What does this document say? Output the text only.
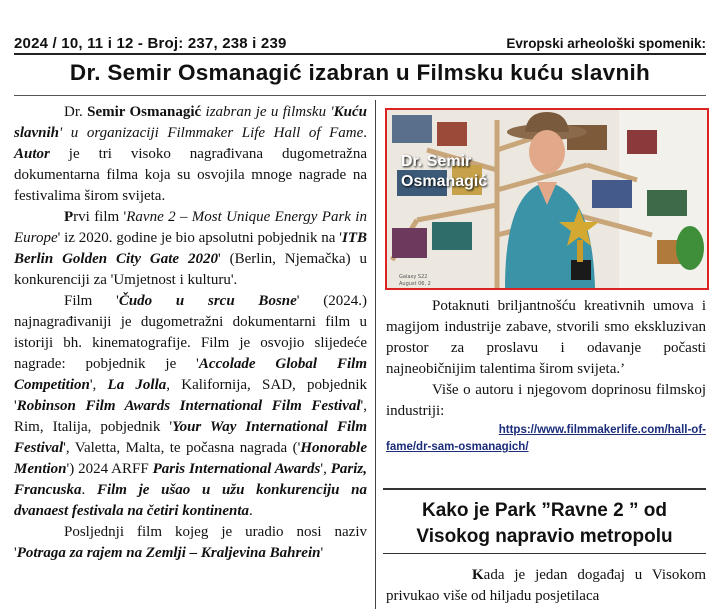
2024 / 10, 11 i 12 - Broj: 237, 238 i 239	Evropski arheološki spomenik:
Dr. Semir Osmanagić izabran u Filmsku kuću slavnih

Dr. Semir Osmanagić izabran je u filmsku 'Kuću slavnih' u organizaciji Filmmaker Life Hall of Fame. Autor je tri visoko nagrađivana dugometražna dokumentarna filma koja su osvojila mnoge nagrade na festivalima širom svijeta.

Prvi film 'Ravne 2 – Most Unique Energy Park in Europe' iz 2020. godine je bio apsolutni pobjednik na 'ITB Berlin Golden City Gate 2020' (Berlin, Njemačka) u konkurenciji za 'Umjetnost i kulturu'.

Film 'Čudo u srcu Bosne' (2024.) najnagrađivaniji je dugometražni dokumentarni film u istoriji bh. kinematografije. Film je osvojio slijedeće nagrade: pobjednik je 'Accolade Global Film Competition', La Jolla, Kalifornija, SAD, pobjednik 'Robinson Film Awards International Film Festival', Rim, Italija, pobjednik 'Your Way International Film Festival', Valetta, Malta, te počasna nagrada ('Honorable Mention') 2024 ARFF Paris International Awards', Pariz, Francuska. Film je ušao u užu konkurenciju na dvanaest festivala na četiri kontinenta.

Posljednji film kojeg je uradio nosi naziv 'Potraga za rajem na Zemlji – Kraljevina Bahrein'

Galaxy S22
August 06, 2
Dr. Semir
Osmanagić

Potaknuti briljantnošću kreativnih umova i magijom industrije zabave, stvorili smo ekskluzivan prostor za proslavu i odavanje počasti najneobičnijim talentima širom svijeta.’

Više o autoru i njegovom doprinosu filmskoj industriji:

https://www.filmmakerlife.com/hall-of-
fame/dr-sam-osmanagich/
Kako je Park ”Ravne 2 ” od Visokog napravio metropolu

Kada je jedan događaj u Visokom privukao više od hiljadu posjetilaca
